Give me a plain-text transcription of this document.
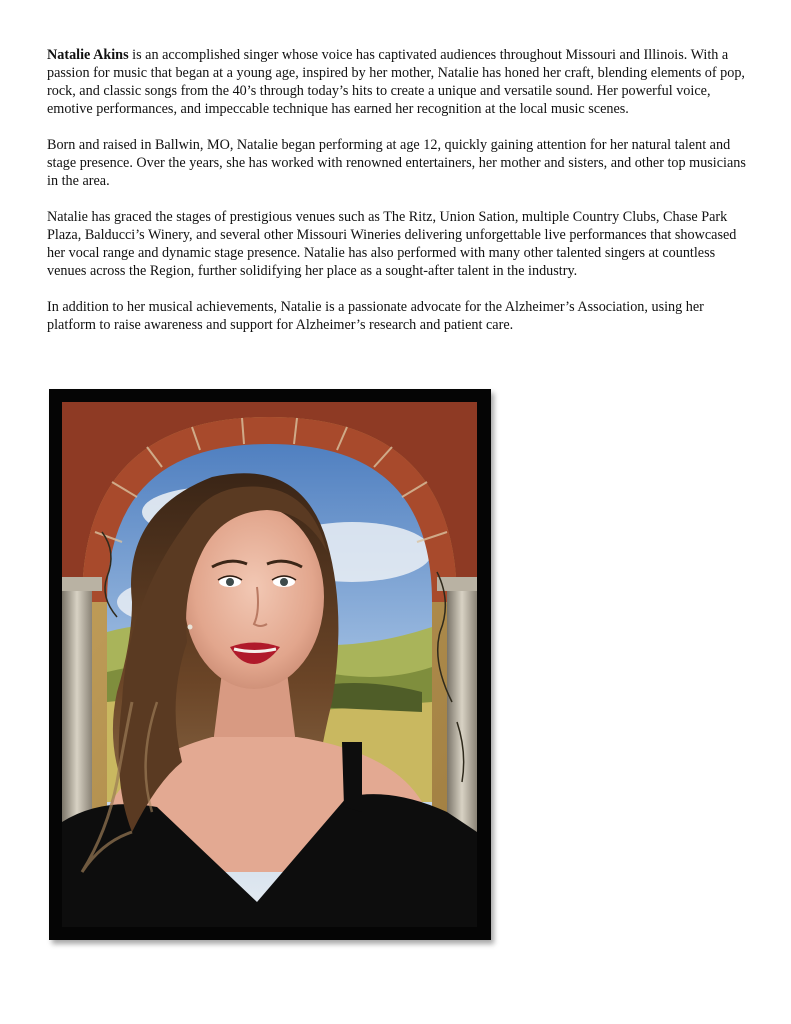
Natalie Akins is an accomplished singer whose voice has captivated audiences throughout Missouri and Illinois. With a passion for music that began at a young age, inspired by her mother, Natalie has honed her craft, blending elements of pop, rock, and classic songs from the 40’s through today’s hits to create a unique and versatile sound. Her powerful voice, emotive performances, and impeccable technique has earned her recognition at the local music scenes.

Born and raised in Ballwin, MO, Natalie began performing at age 12, quickly gaining attention for her natural talent and stage presence. Over the years, she has worked with renowned entertainers, her mother and sisters, and other top musicians in the area.

Natalie has graced the stages of prestigious venues such as The Ritz, Union Sation, multiple Country Clubs, Chase Park Plaza, Balducci’s Winery, and several other Missouri Wineries delivering unforgettable live performances that showcased her vocal range and dynamic stage presence. Natalie has also performed with many other talented singers at countless venues across the Region, further solidifying her place as a sought-after talent in the industry.

In addition to her musical achievements, Natalie is a passionate advocate for the Alzheimer’s Association, using her platform to raise awareness and support for Alzheimer’s research and patient care.
